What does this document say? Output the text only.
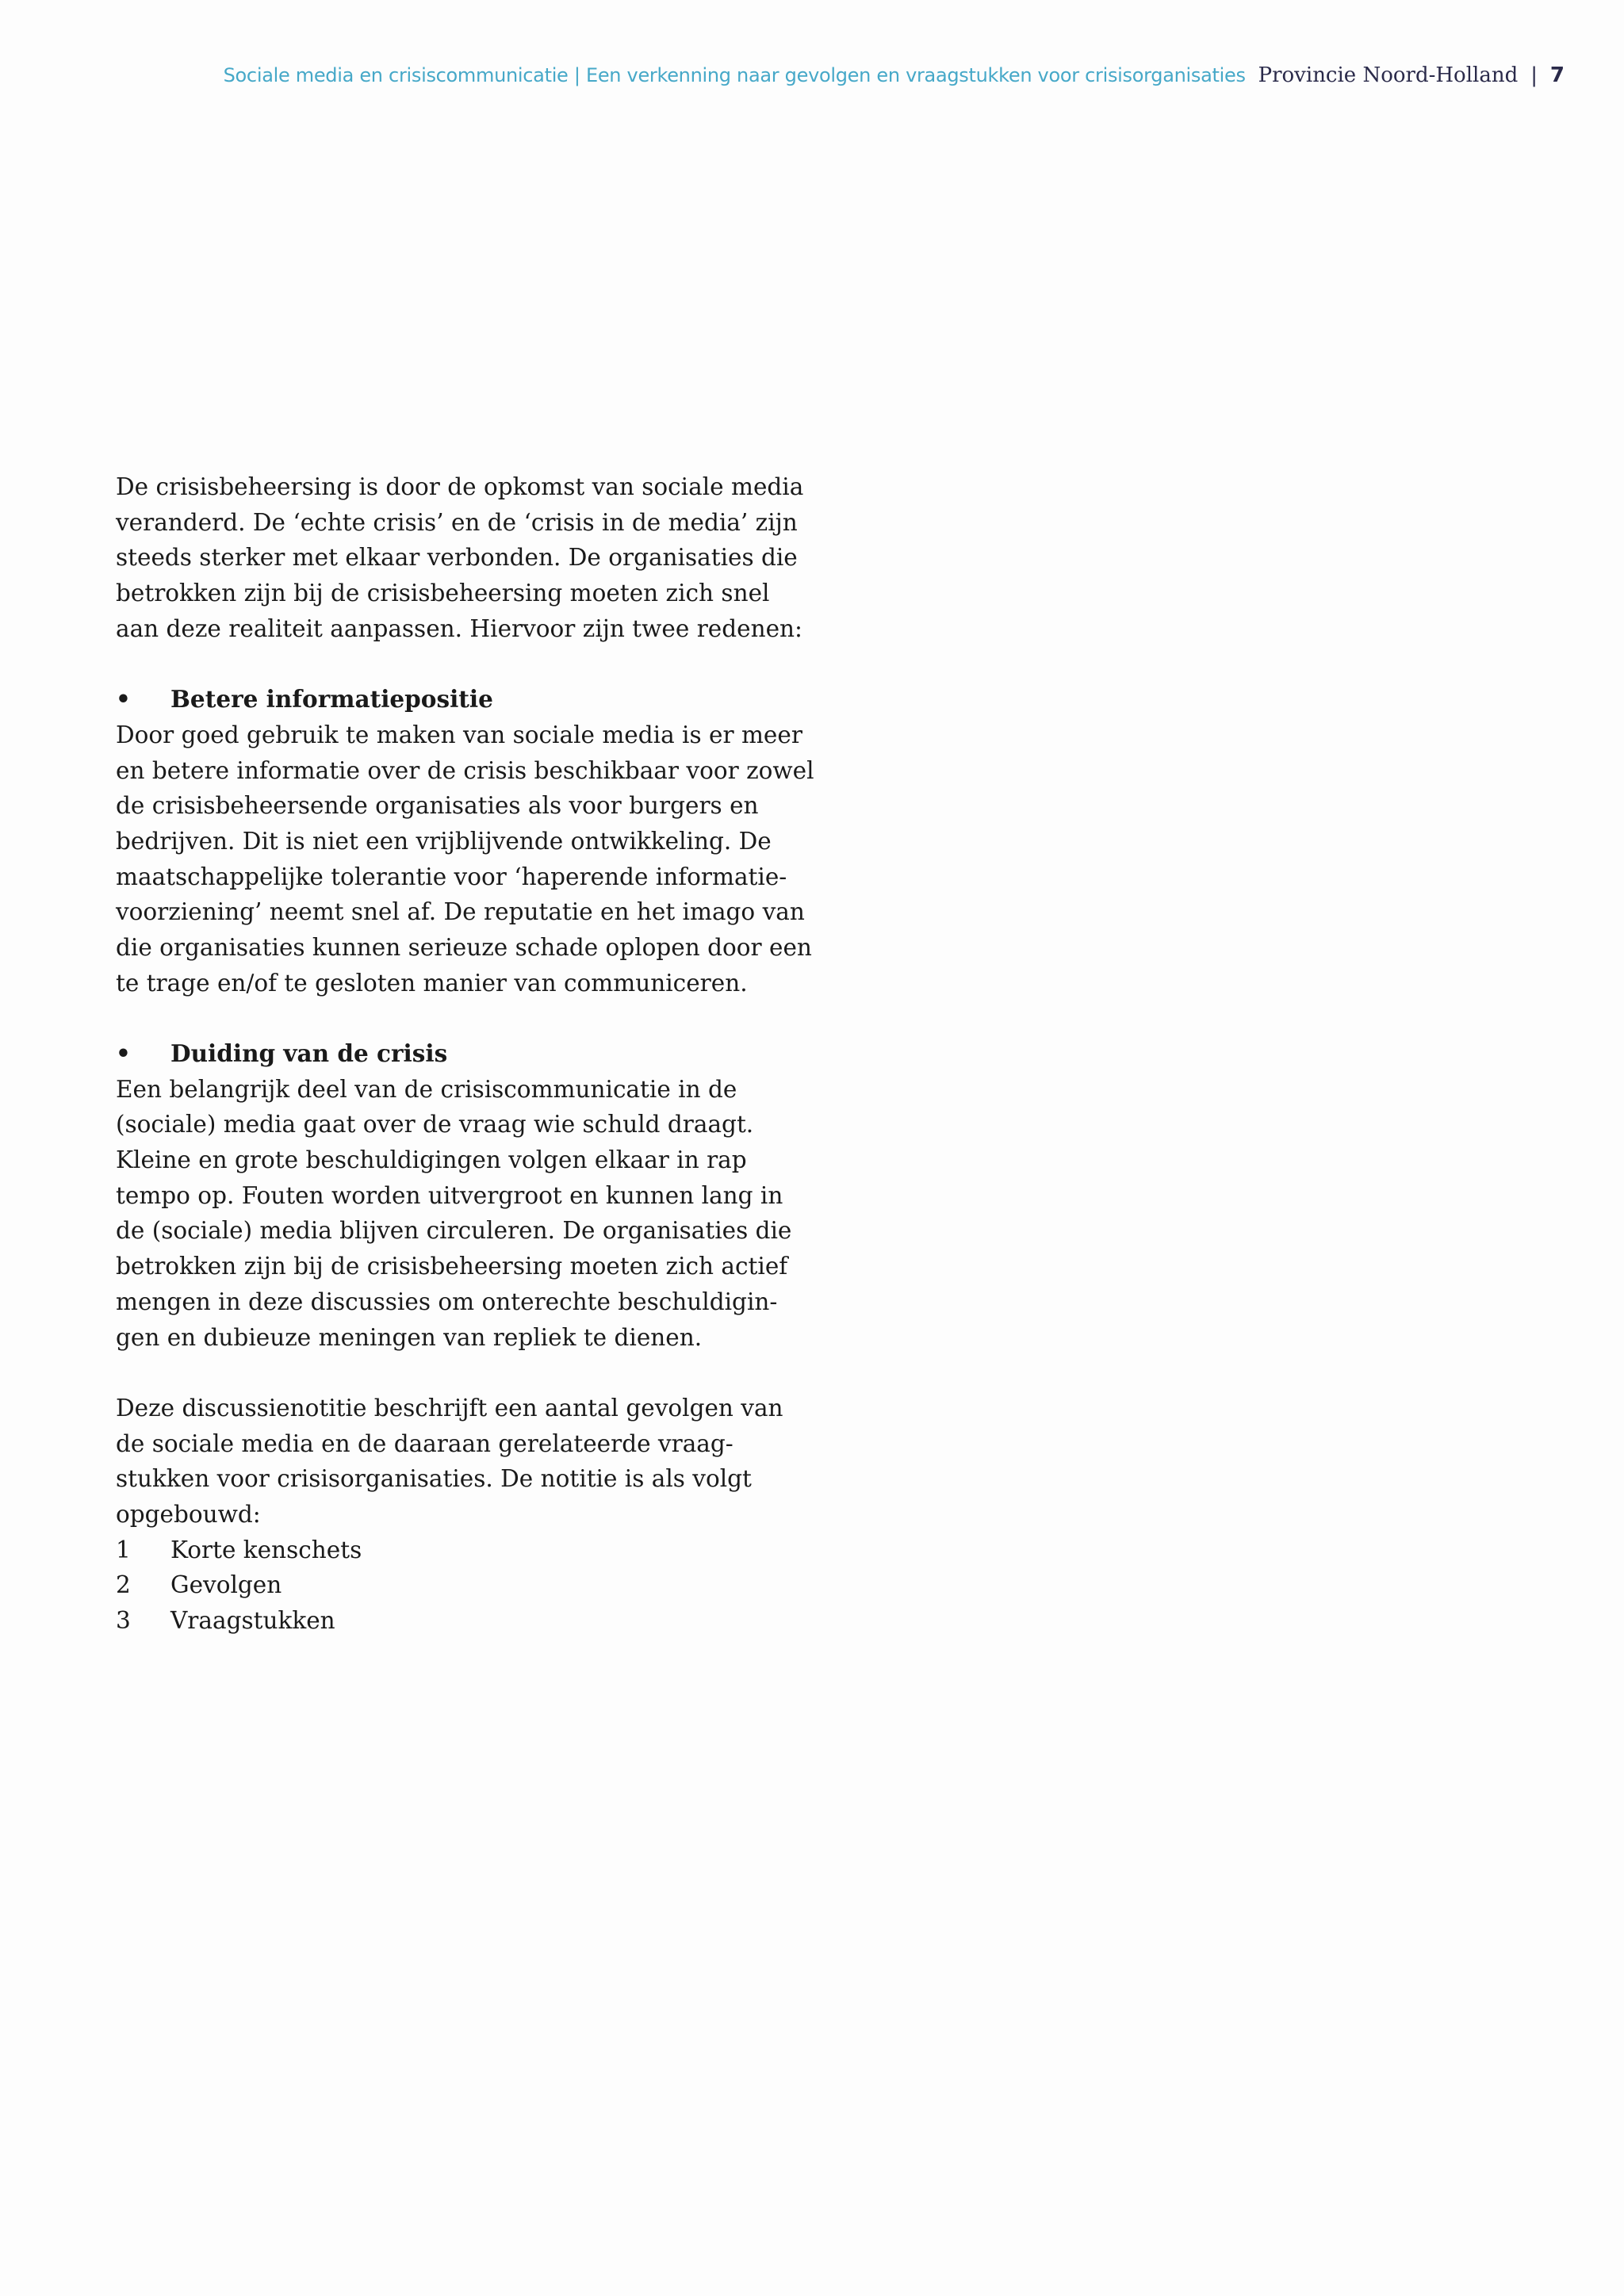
Sociale media en crisiscommunicatie | Een verkenning naar gevolgen en vraagstukken voor crisisorganisaties Provincie Noord-Holland | 7
De crisisbeheersing is door de opkomst van sociale media
veranderd. De ‘echte crisis’ en de ‘crisis in de media’ zijn
steeds sterker met elkaar verbonden. De organisaties die
betrokken zijn bij de crisisbeheersing moeten zich snel
aan deze realiteit aanpassen. Hiervoor zijn twee redenen:
•	Betere informatiepositie
Door goed gebruik te maken van sociale media is er meer
en betere informatie over de crisis beschikbaar voor zowel
de crisisbeheersende organisaties als voor burgers en
bedrijven. Dit is niet een vrijblijvende ontwikkeling. De
maatschappelijke tolerantie voor ‘haperende informatie-
voorziening’ neemt snel af. De reputatie en het imago van
die organisaties kunnen serieuze schade oplopen door een
te trage en/of te gesloten manier van communiceren.
•	Duiding van de crisis
Een belangrijk deel van de crisiscommunicatie in de
(sociale) media gaat over de vraag wie schuld draagt.
Kleine en grote beschuldigingen volgen elkaar in rap
tempo op. Fouten worden uitvergroot en kunnen lang in
de (sociale) media blijven circuleren. De organisaties die
betrokken zijn bij de crisisbeheersing moeten zich actief
mengen in deze discussies om onterechte beschuldigin-
gen en dubieuze meningen van repliek te dienen.
Deze discussienotitie beschrijft een aantal gevolgen van
de sociale media en de daaraan gerelateerde vraag-
stukken voor crisisorganisaties. De notitie is als volgt
opgebouwd:
1	Korte kenschets
2	Gevolgen
3	Vraagstukken
